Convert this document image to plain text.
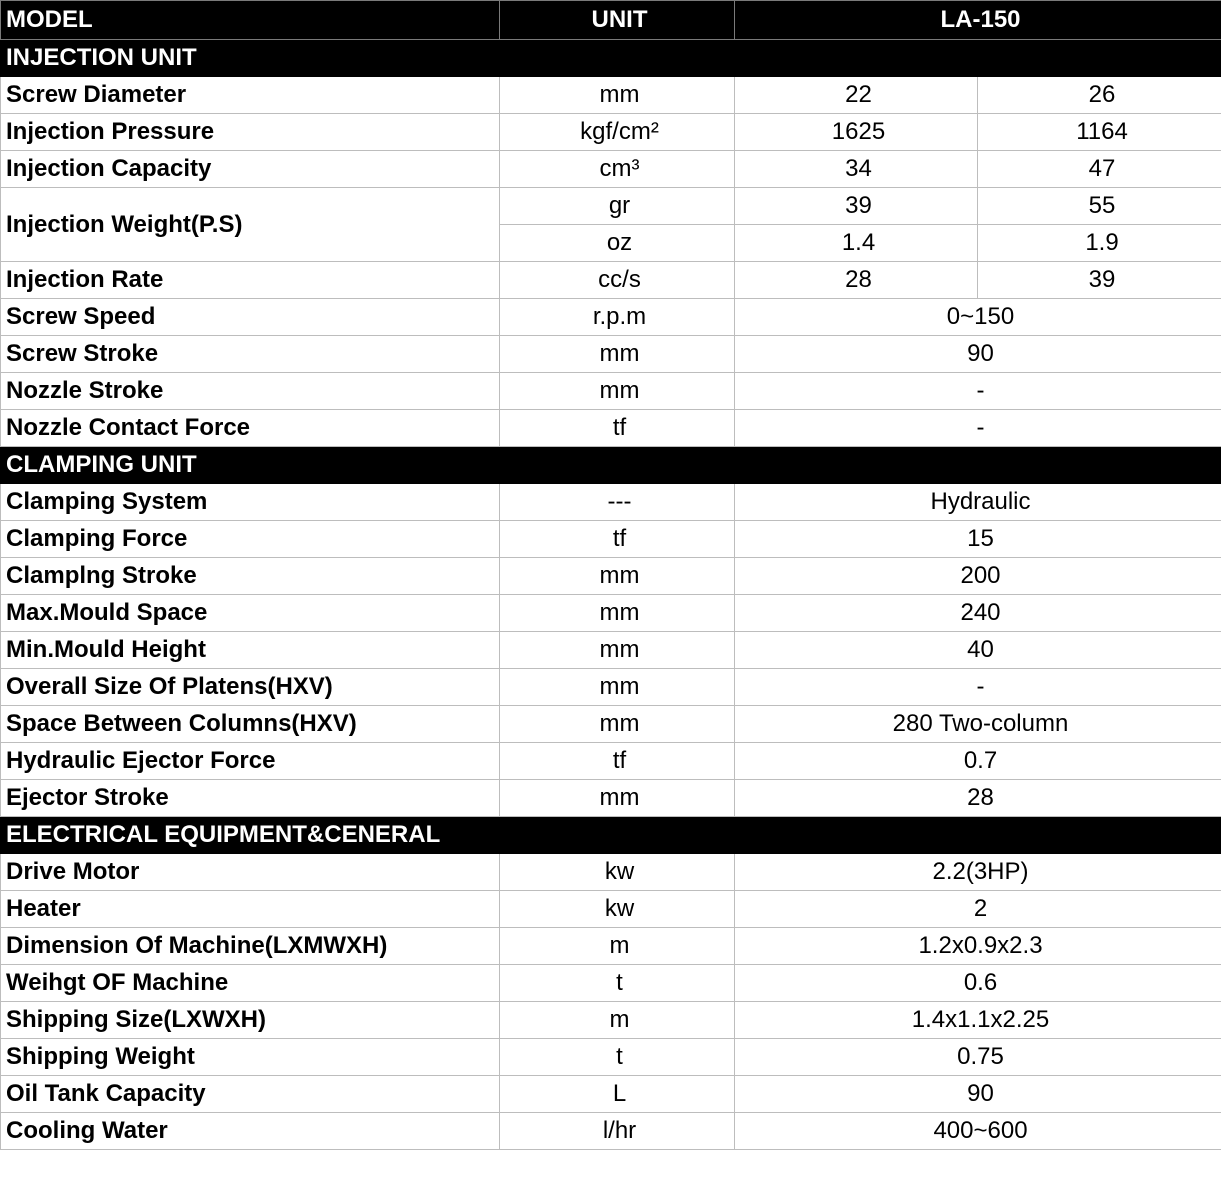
MODEL	UNIT	LA-150	
INJECTION UNIT			
Screw Diameter	mm	22	26
Injection Pressure	kgf/cm²	1625	1164
Injection Capacity	cm³	34	47
Injection Weight(P.S)	gr	39	55
	oz	1.4	1.9
Injection Rate	cc/s	28	39
Screw Speed	r.p.m	0~150	
Screw Stroke	mm	90	
Nozzle Stroke	mm	-	
Nozzle Contact Force	tf	-	
CLAMPING UNIT			
Clamping System	---	Hydraulic	
Clamping Force	tf	15	
Clamplng Stroke	mm	200	
Max.Mould Space	mm	240	
Min.Mould Height	mm	40	
Overall Size Of Platens(HXV)	mm	-	
Space Between Columns(HXV)	mm	280 Two-column	
Hydraulic Ejector Force	tf	0.7	
Ejector Stroke	mm	28	
ELECTRICAL EQUIPMENT&CENERAL			
Drive Motor	kw	2.2(3HP)	
Heater	kw	2	
Dimension Of Machine(LXMWXH)	m	1.2x0.9x2.3	
Weihgt OF Machine	t	0.6	
Shipping Size(LXWXH)	m	1.4x1.1x2.25	
Shipping Weight	t	0.75	
Oil Tank Capacity	L	90	
Cooling Water	l/hr	400~600	
